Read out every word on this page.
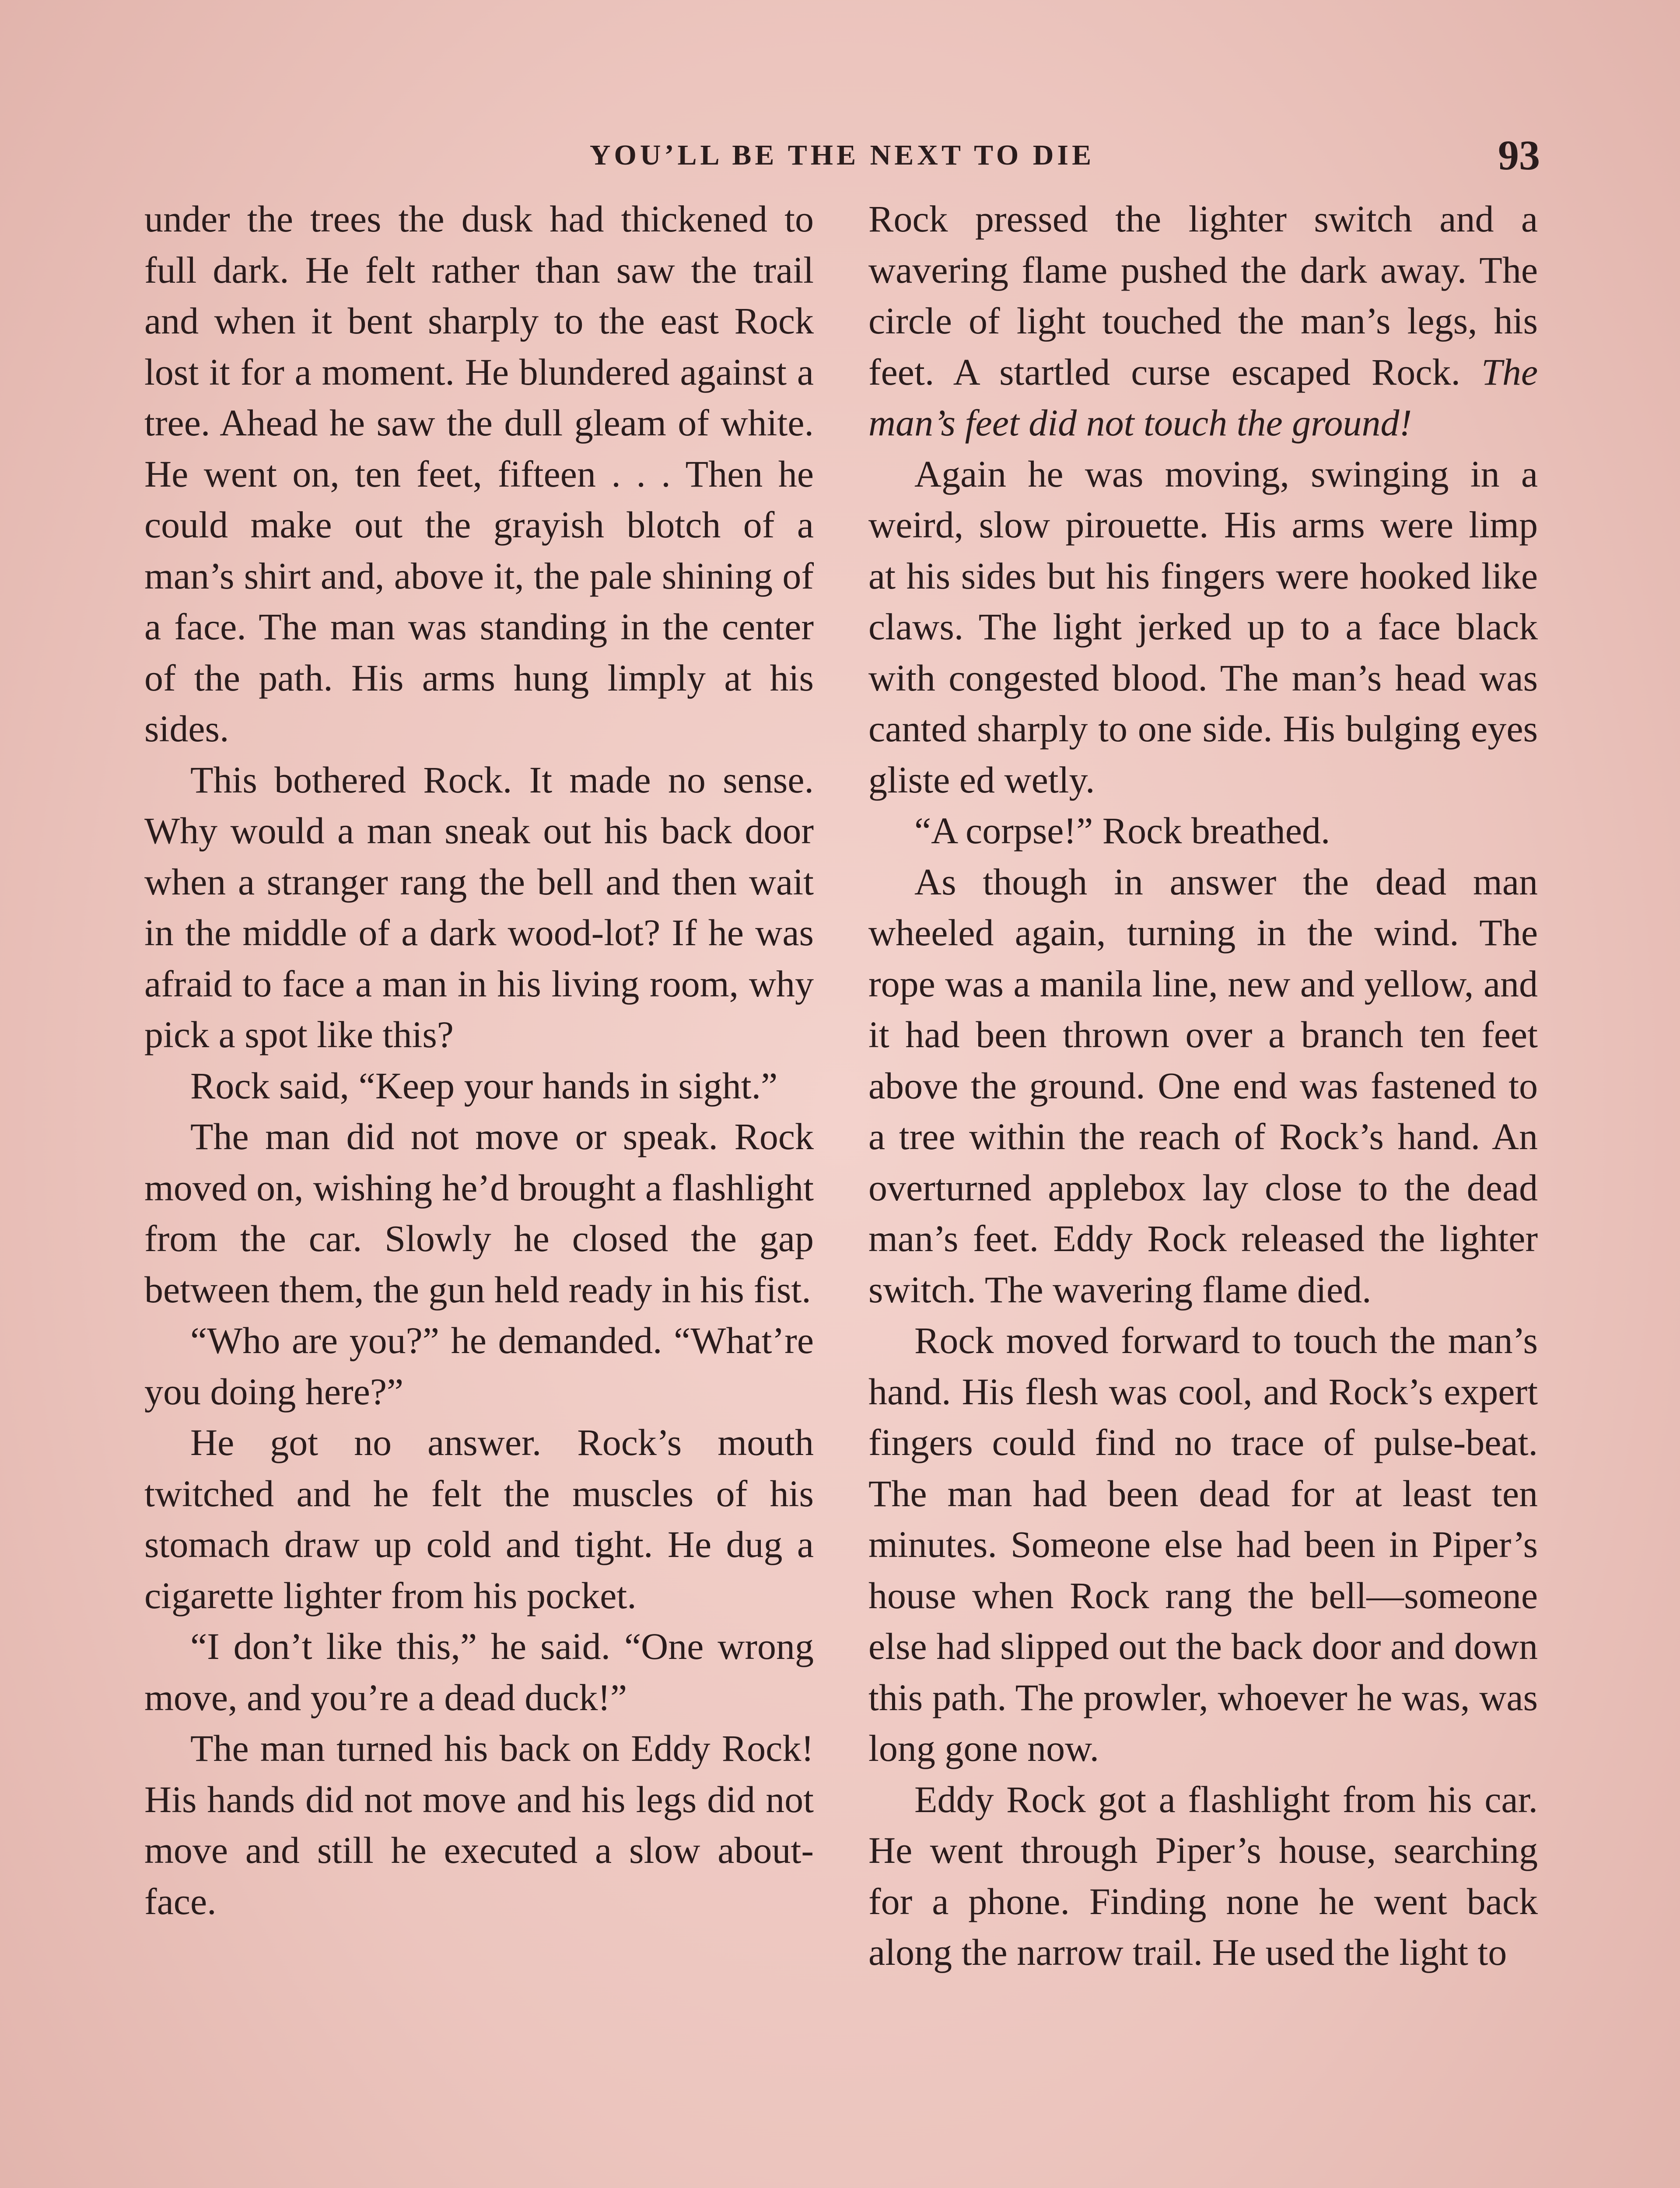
YOU’LL BE THE NEXT TO DIE	93

under the trees the dusk had thickened to full dark. He felt rather than saw the trail and when it bent sharply to the east Rock lost it for a moment. He blundered against a tree. Ahead he saw the dull gleam of white. He went on, ten feet, fifteen . . . Then he could make out the grayish blotch of a man’s shirt and, above it, the pale shining of a face. The man was standing in the center of the path. His arms hung limply at his sides.

This bothered Rock. It made no sense. Why would a man sneak out his back door when a stranger rang the bell and then wait in the middle of a dark wood-lot? If he was afraid to face a man in his living room, why pick a spot like this?

Rock said, “Keep your hands in sight.”

The man did not move or speak. Rock moved on, wishing he’d brought a flashlight from the car. Slowly he closed the gap between them, the gun held ready in his fist.

“Who are you?” he demanded. “What’re you doing here?”

He got no answer. Rock’s mouth twitched and he felt the muscles of his stomach draw up cold and tight. He dug a cigarette lighter from his pocket.

“I don’t like this,” he said. “One wrong move, and you’re a dead duck!”

The man turned his back on Eddy Rock! His hands did not move and his legs did not move and still he executed a slow about-face.

Rock pressed the lighter switch and a wavering flame pushed the dark away. The circle of light touched the man’s legs, his feet. A startled curse escaped Rock. The man’s feet did not touch the ground!

Again he was moving, swinging in a weird, slow pirouette. His arms were limp at his sides but his fingers were hooked like claws. The light jerked up to a face black with congested blood. The man’s head was canted sharply to one side. His bulging eyes gliste ed wetly.

“A corpse!” Rock breathed.

As though in answer the dead man wheeled again, turning in the wind. The rope was a manila line, new and yellow, and it had been thrown over a branch ten feet above the ground. One end was fastened to a tree within the reach of Rock’s hand. An overturned applebox lay close to the dead man’s feet. Eddy Rock released the lighter switch. The wavering flame died.

Rock moved forward to touch the man’s hand. His flesh was cool, and Rock’s expert fingers could find no trace of pulse-beat. The man had been dead for at least ten minutes. Someone else had been in Piper’s house when Rock rang the bell—someone else had slipped out the back door and down this path. The prowler, whoever he was, was long gone now.

Eddy Rock got a flashlight from his car. He went through Piper’s house, searching for a phone. Finding none he went back along the narrow trail. He used the light to
